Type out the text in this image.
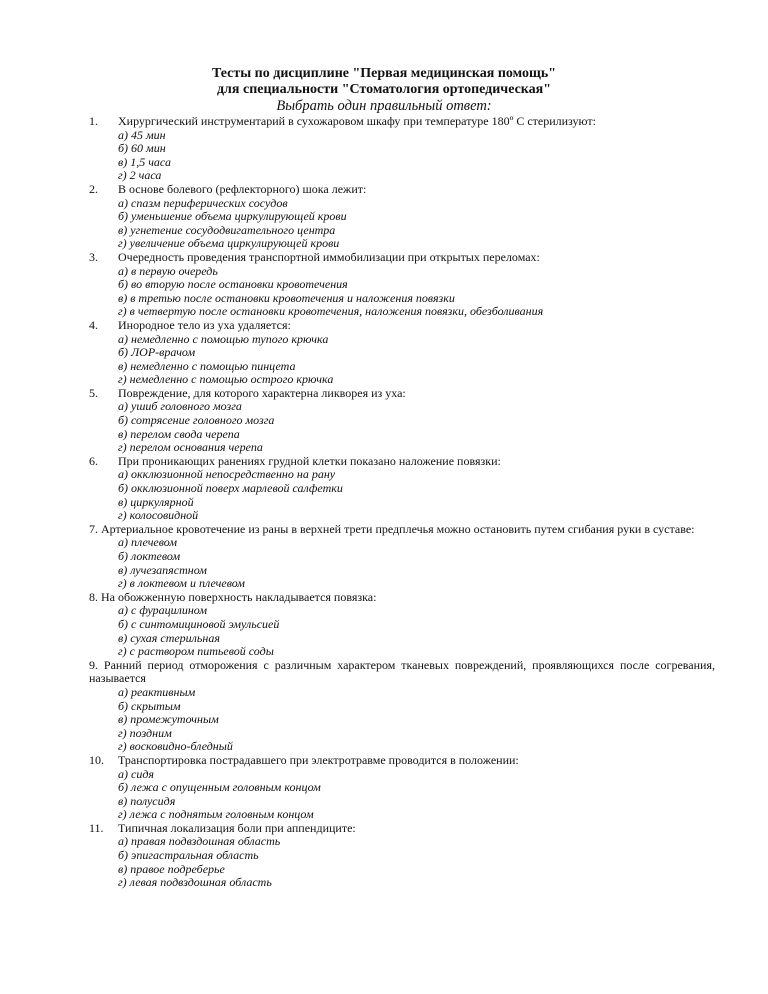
Тесты по дисциплине "Первая медицинская помощь"
для специальности "Стоматология ортопедическая"
Выбрать один правильный ответ:
1.	Хирургический инструментарий в сухожаровом шкафу при температуре 180º С стерилизуют:
а) 45 мин
б) 60 мин
в) 1,5 часа
г) 2 часа
2.	В основе болевого (рефлекторного) шока лежит:
а) спазм периферических сосудов
б) уменьшение объема циркулирующей крови
в) угнетение сосудодвигательного центра
г) увеличение объема циркулирующей крови
3.	Очередность проведения транспортной иммобилизации при открытых переломах:
а) в первую очередь
б) во вторую после остановки кровотечения
в) в третью после остановки кровотечения и наложения повязки
г) в четвертую после остановки кровотечения, наложения повязки, обезболивания
4.	Инородное тело из уха удаляется:
а) немедленно с помощью тупого крючка
б) ЛОР-врачом
в) немедленно с помощью пинцета
г) немедленно с помощью острого крючка
5.	Повреждение, для которого характерна ликворея из уха:
а) ушиб головного мозга
б) сотрясение головного мозга
в) перелом свода черепа
г) перелом основания черепа
6.	При проникающих ранениях грудной клетки показано наложение повязки:
а) окклюзионной непосредственно на рану
б) окклюзионной поверх марлевой салфетки
в) циркулярной
г) колосовидной
7. Артериальное кровотечение из раны в верхней трети предплечья можно остановить путем сгибания руки в суставе:
а) плечевом
б) локтевом
в) лучезапястном
г) в локтевом и плечевом
8. На обожженную поверхность накладывается повязка:
а) с фурацилином
б) с синтомициновой эмульсией
в) сухая стерильная
г) с раствором питьевой соды
9. Ранний период отморожения с различным характером тканевых повреждений, проявляющихся после согревания, называется
а) реактивным
б) скрытым
в) промежуточным
г) поздним
г) восковидно-бледный
10.	Транспортировка пострадавшего при электротравме проводится в положении:
а) сидя
б) лежа с опущенным головным концом
в) полусидя
г) лежа с поднятым головным концом
11.	Типичная локализация боли при аппендиците:
а) правая подвздошная область
б) эпигастральная область
в) правое подреберье
г) левая подвздошная область
